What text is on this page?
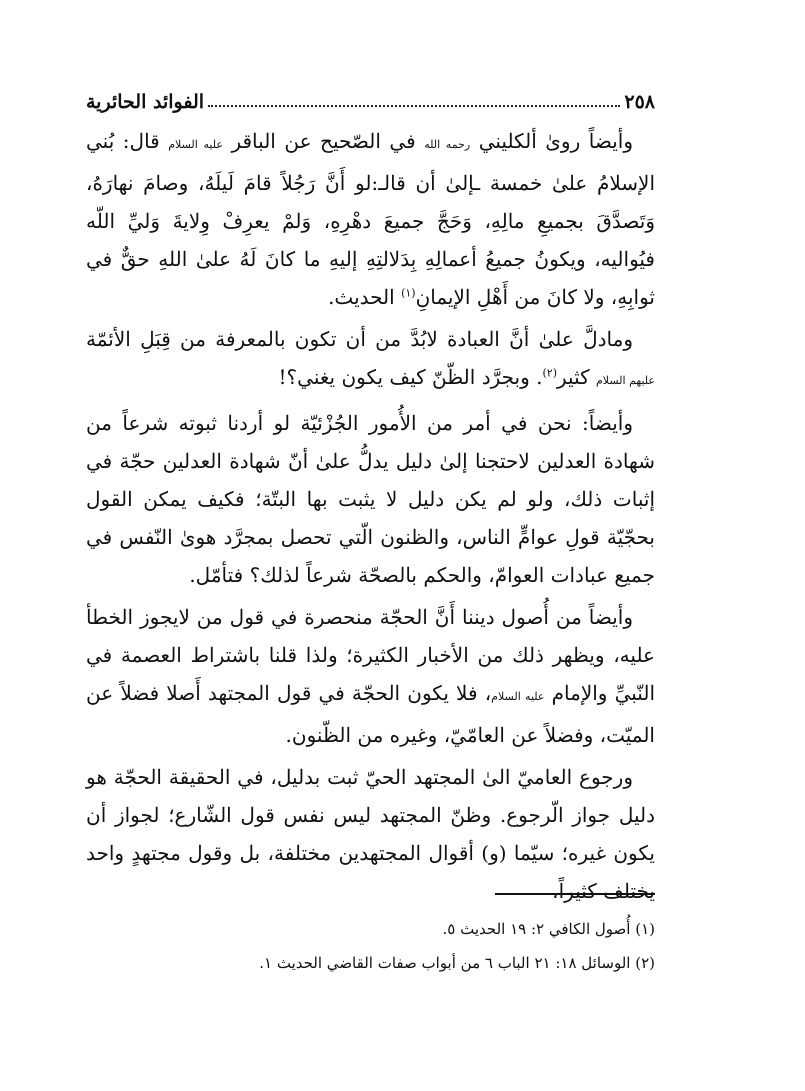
٢٥٨
الفوائد الحائرية

وأيضاً روىٰ ألكليني رحمه الله في الصّحيح عن الباقر عليه السلام قال: بُني الإسلامُ علىٰ خمسة ـإلىٰ أن قالـ:لو أَنَّ رَجُلاً قامَ لَيلَهُ، وصامَ نهارَهُ، وَتَصدَّقَ بجميعِ مالِهِ، وَحَجَّ جميعَ دهْرِهِ، وَلمْ يعرِفْ وِلايةَ وَليِّ اللّه فيُواليه، ويكونُ جميعُ أعمالِهِ بِدَلالتِهِ إليهِ ما كانَ لَهُ علىٰ اللهِ حقٌّ في ثوابِهِ، ولا كانَ من أَهْلِ الإيمانِ$^{(١)}$ الحديث.

ومادلَّ علىٰ أنَّ العبادة لابُدَّ من أن تكون بالمعرفة من قِبَلِ الأئمّة عليهم السلام كثير$^{(٢)}$. وبجرَّد الظّنّ كيف يكون يغني؟!

وأيضاً: نحن في أمر من الأُمور الجُزْئيّة لو أردنا ثبوته شرعاً من شهادة العدلين لاحتجنا إلىٰ دليل يدلُّ علىٰ أنّ شهادة العدلين حجّة في إثبات ذلك، ولو لم يكن دليل لا يثبت بها البتّة؛ فكيف يمكن القول بحجّيّة قولِ عوامٍّ الناس، والظنون الّتي تحصل بمجرَّد هوىٰ النّفس في جميع عبادات العوامّ، والحكم بالصحّة شرعاً لذلك؟ فتأمّل.

وأيضاً من أُصول ديننا أَنَّ الحجّة منحصرة في قول من لايجوز الخطأ عليه، ويظهر ذلك من الأخبار الكثيرة؛ ولذا قلنا باشتراط العصمة في النّبيِّ والإمام عليه السلام، فلا يكون الحجّة في قول المجتهد أَصلا فضلاً عن الميّت، وفضلاً عن العامّيّ، وغيره من الظّنون.

ورجوع العاميّ الىٰ المجتهد الحيّ ثبت بدليل، في الحقيقة الحجّة هو دليل جواز الّرجوع. وظنّ المجتهد ليس نفس قول الشّارع؛ لجواز أن يكون غيره؛ سيّما (و) أقوال المجتهدين مختلفة، بل وقول مجتهدٍ واحد يختلف كثيراً،

(١) أُصول الكافي ٢: ١٩ الحديث ٥.
(٢) الوسائل ١٨: ٢١ الباب ٦ من أبواب صفات القاضي الحديث ١.
